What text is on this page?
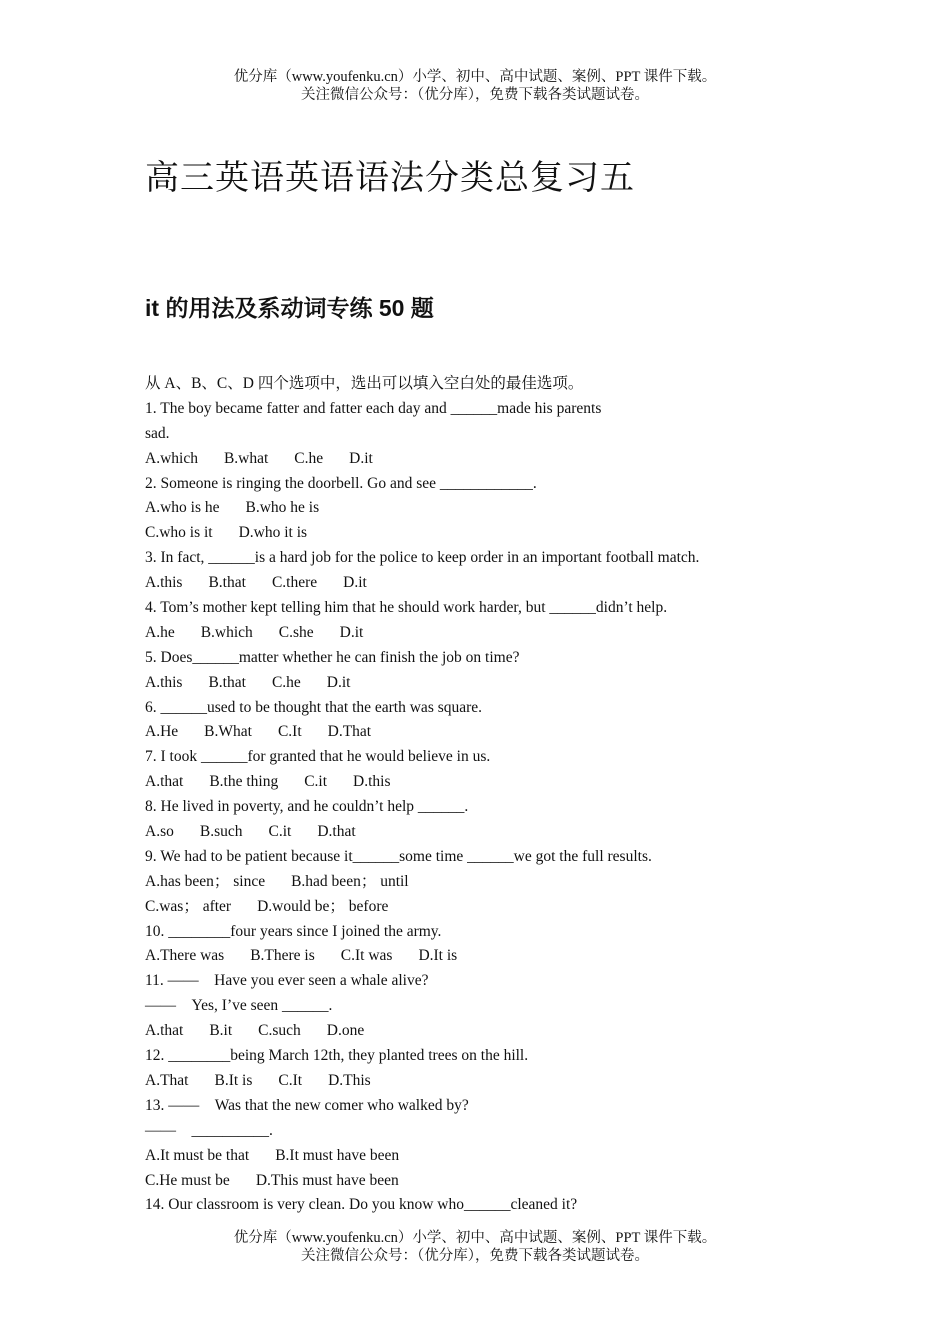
优分库（www.youfenku.cn）小学、初中、高中试题、案例、PPT 课件下载。
关注微信公众号：（优分库），免费下载各类试题试卷。
高三英语英语语法分类总复习五
it 的用法及系动词专练 50 题
从 A、B、C、D 四个选项中，选出可以填入空白处的最佳选项。
1. The boy became fatter and fatter each day and ______made his parents
sad.
A.which B.what C.he D.it
2. Someone is ringing the doorbell. Go and see ____________.
A.who is he B.who he is
C.who is it D.who it is
3. In fact, ______is a hard job for the police to keep order in an important football match.
A.this B.that C.there D.it
4. Tom’s mother kept telling him that he should work harder, but ______didn’t help.
A.he B.which C.she D.it
5. Does______matter whether he can finish the job on time?
A.this B.that C.he D.it
6. ______used to be thought that the earth was square.
A.He B.What C.It D.That
7. I took ______for granted that he would believe in us.
A.that B.the thing C.it D.this
8. He lived in poverty, and he couldn’t help ______.
A.so B.such C.it D.that
9. We had to be patient because it______some time ______we got the full results.
A.has been； since B.had been； until
C.was； after D.would be； before
10. ________four years since I joined the army.
A.There was B.There is C.It was D.It is
11. ——　Have you ever seen a whale alive?
——　Yes, I’ve seen ______.
A.that B.it C.such D.one
12. ________being March 12th, they planted trees on the hill.
A.That B.It is C.It D.This
13. ——　Was that the new comer who walked by?
——　__________.
A.It must be that B.It must have been
C.He must be D.This must have been
14. Our classroom is very clean. Do you know who______cleaned it?
优分库（www.youfenku.cn）小学、初中、高中试题、案例、PPT 课件下载。
关注微信公众号：（优分库），免费下载各类试题试卷。
